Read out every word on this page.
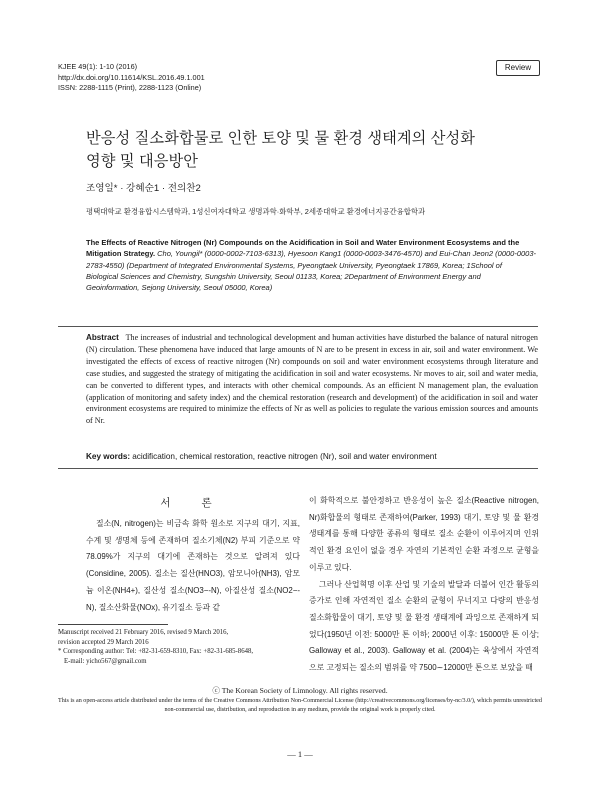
KJEE 49(1): 1-10 (2016)
http://dx.doi.org/10.11614/KSL.2016.49.1.001
ISSN: 2288-1115 (Print), 2288-1123 (Online)
Review
반응성 질소화합물로 인한 토양 및 물 환경 생태계의 산성화
영향 및 대응방안
조영일* · 강혜순1 · 전의찬2
평택대학교 환경융합시스템학과, 1성신여자대학교 생명과학·화학부, 2세종대학교 환경에너지공간융합학과
The Effects of Reactive Nitrogen (Nr) Compounds on the Acidification in Soil and Water Environment Ecosystems and the Mitigation Strategy. Cho, Youngil* (0000-0002-7103-6313), Hyesoon Kang1 (0000-0003-3476-4570) and Eui-Chan Jeon2 (0000-0003-2783-4550) (Department of Integrated Environmental Systems, Pyeongtaek University, Pyeongtaek 17869, Korea; 1School of Biological Sciences and Chemistry, Sungshin University, Seoul 01133, Korea; 2Department of Environment Energy and Geoinformation, Sejong University, Seoul 05000, Korea)
Abstract The increases of industrial and technological development and human activities have disturbed the balance of natural nitrogen (N) circulation. These phenomena have induced that large amounts of N are to be present in excess in air, soil and water environment. We investigated the effects of excess of reactive nitrogen (Nr) compounds on soil and water environment ecosystems through literature and case studies, and suggested the strategy of mitigating the acidification in soil and water ecosystems. Nr moves to air, soil and water media, can be converted to different types, and interacts with other chemical compounds. As an efficient N management plan, the evaluation (application of monitoring and safety index) and the chemical restoration (research and development) of the acidification in soil and water environment ecosystems are required to minimize the effects of Nr as well as policies to regulate the various emission sources and amounts of Nr.
Key words: acidification, chemical restoration, reactive nitrogen (Nr), soil and water environment
서 론

질소(N, nitrogen)는 비금속 화학 원소로 지구의 대기, 지표, 수계 및 생명체 등에 존재하며 질소기체(N2) 부피 기준으로 약 78.09%가 지구의 대기에 존재하는 것으로 알려져 있다(Considine, 2005). 질소는 질산(HNO3), 암모니아(NH3), 암모늄 이온(NH4+), 질산성 질소(NO3−-N), 아질산성 질소(NO2−-N), 질소산화물(NOx), 유기질소 등과 같

이 화학적으로 불안정하고 반응성이 높은 질소(Reactive nitrogen, Nr)화합물의 형태로 존재하여(Parker, 1993) 대기, 토양 및 물 환경 생태계를 통해 다양한 종류의 형태로 질소 순환이 이루어지며 인위적인 환경 요인이 없을 경우 자연의 기본적인 순환 과정으로 균형을 이루고 있다.

그러나 산업혁명 이후 산업 및 기술의 발달과 더불어 인간 활동의 증가로 인해 자연적인 질소 순환의 균형이 무너지고 다량의 반응성 질소화합물이 대기, 토양 및 물 환경 생태계에 과잉으로 존재하게 되었다(1950년 이전: 5000만 톤 이하; 2000년 이후: 15000만 톤 이상; Galloway et al., 2003). Galloway et al. (2004)는 육상에서 자연적으로 고정되는 질소의 범위를 약 7500∼12000만 톤으로 보았을 때

Manuscript received 21 February 2016, revised 9 March 2016,
revision accepted 29 March 2016
* Corresponding author: Tel: +82-31-659-8310, Fax: +82-31-685-8648,
E-mail: yicho567@gmail.com
ⓒ The Korean Society of Limnology. All rights reserved.
This is an open-access article distributed under the terms of the Creative Commons Attribution Non-Commercial License (http://creativecommons.org/licenses/by-nc/3.0/), which permits unrestricted non-commercial use, distribution, and reproduction in any medium, provide the original work is properly cited.
— 1 —
